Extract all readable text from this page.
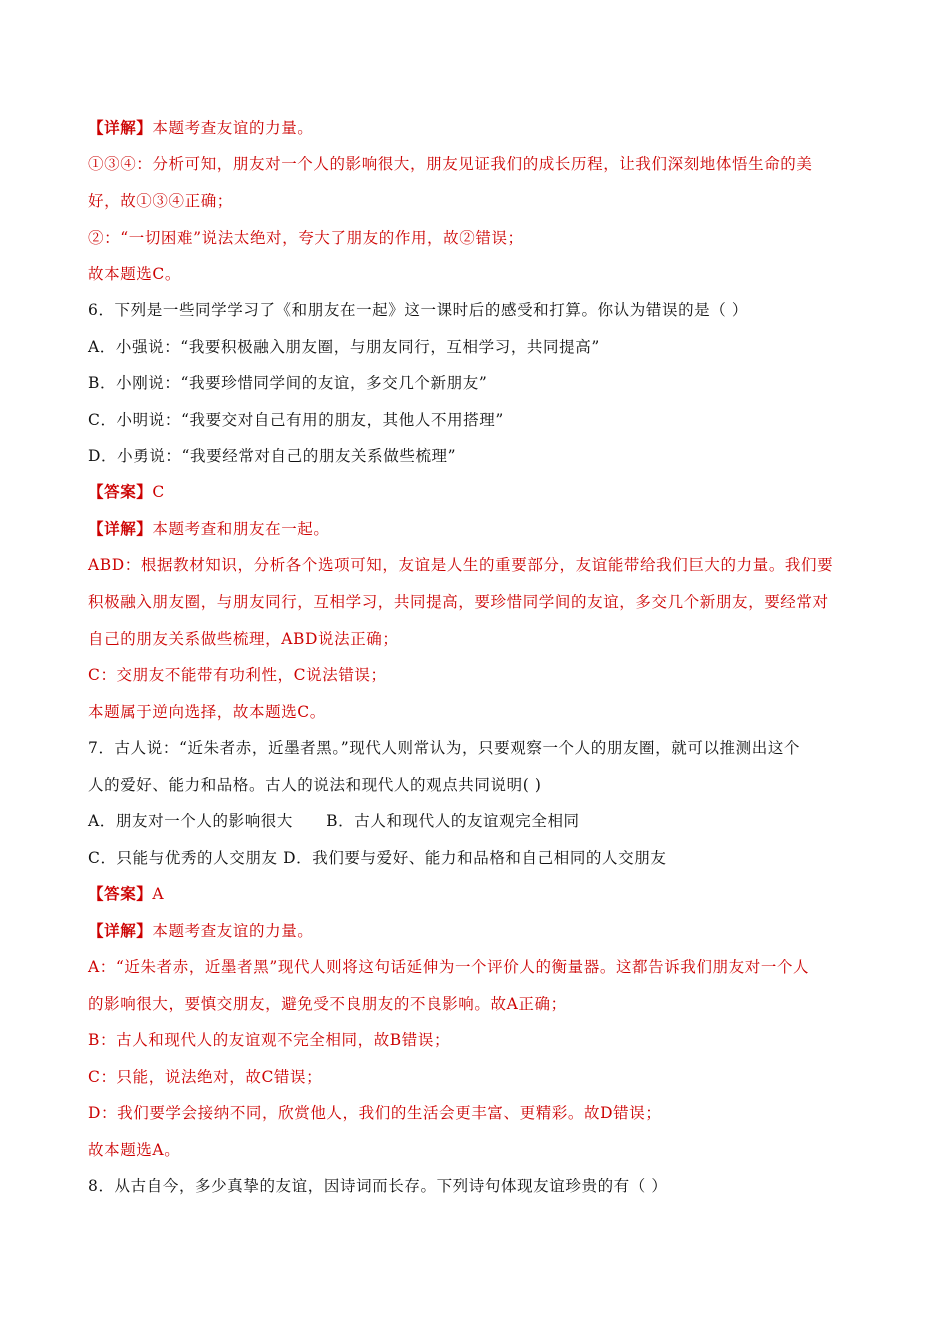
【详解】本题考查友谊的力量。
①③④：分析可知，朋友对一个人的影响很大，朋友见证我们的成长历程，让我们深刻地体悟生命的美
好，故①③④正确；
②：“一切困难”说法太绝对，夸大了朋友的作用，故②错误；
故本题选C。
6．下列是一些同学学习了《和朋友在一起》这一课时后的感受和打算。你认为错误的是（ ）
A．小强说：“我要积极融入朋友圈，与朋友同行，互相学习，共同提高”
B．小刚说：“我要珍惜同学间的友谊，多交几个新朋友”
C．小明说：“我要交对自己有用的朋友，其他人不用搭理”
D．小勇说：“我要经常对自己的朋友关系做些梳理”
【答案】C
【详解】本题考查和朋友在一起。
ABD：根据教材知识，分析各个选项可知，友谊是人生的重要部分，友谊能带给我们巨大的力量。我们要
积极融入朋友圈，与朋友同行，互相学习，共同提高，要珍惜同学间的友谊，多交几个新朋友，要经常对
自己的朋友关系做些梳理，ABD说法正确；
C：交朋友不能带有功利性，C说法错误；
本题属于逆向选择，故本题选C。
7．古人说：“近朱者赤，近墨者黑。”现代人则常认为，只要观察一个人的朋友圈，就可以推测出这个
人的爱好、能力和品格。古人的说法和现代人的观点共同说明( )
A．朋友对一个人的影响很大      B．古人和现代人的友谊观完全相同
C．只能与优秀的人交朋友 D．我们要与爱好、能力和品格和自己相同的人交朋友
【答案】A
【详解】本题考查友谊的力量。
A：“近朱者赤，近墨者黑”现代人则将这句话延伸为一个评价人的衡量器。这都告诉我们朋友对一个人
的影响很大，要慎交朋友，避免受不良朋友的不良影响。故A正确；
B：古人和现代人的友谊观不完全相同，故B错误；
C：只能，说法绝对，故C错误；
D：我们要学会接纳不同，欣赏他人，我们的生活会更丰富、更精彩。故D错误；
故本题选A。
8．从古自今，多少真挚的友谊，因诗词而长存。下列诗句体现友谊珍贵的有（ ）
